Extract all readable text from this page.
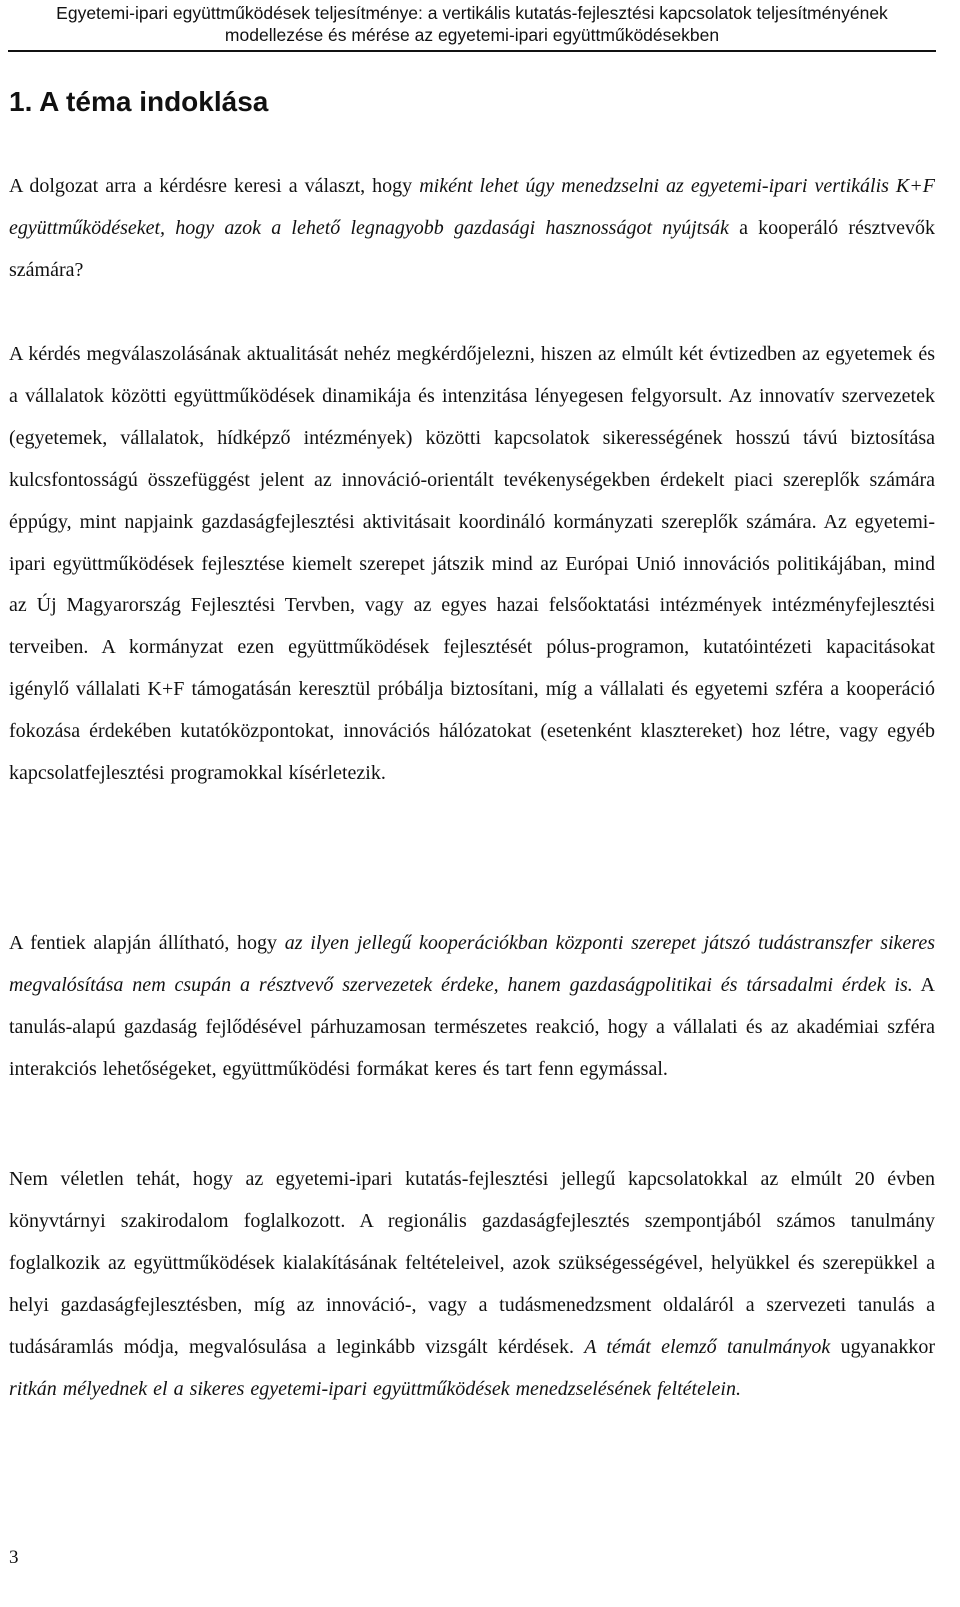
Egyetemi-ipari együttműködések teljesítménye: a vertikális kutatás-fejlesztési kapcsolatok teljesítményének modellezése és mérése az egyetemi-ipari együttműködésekben
1. A téma indoklása

A dolgozat arra a kérdésre keresi a választ, hogy miként lehet úgy menedzselni az egyetemi-ipari vertikális K+F együttműködéseket, hogy azok a lehető legnagyobb gazdasági hasznosságot nyújtsák a kooperáló résztvevők számára?

A kérdés megválaszolásának aktualitását nehéz megkérdőjelezni, hiszen az elmúlt két évtizedben az egyetemek és a vállalatok közötti együttműködések dinamikája és intenzitása lényegesen felgyorsult. Az innovatív szervezetek (egyetemek, vállalatok, hídképző intézmények) közötti kapcsolatok sikerességének hosszú távú biztosítása kulcsfontosságú összefüggést jelent az innováció-orientált tevékenységekben érdekelt piaci szereplők számára éppúgy, mint napjaink gazdaságfejlesztési aktivitásait koordináló kormányzati szereplők számára. Az egyetemi-ipari együttműködések fejlesztése kiemelt szerepet játszik mind az Európai Unió innovációs politikájában, mind az Új Magyarország Fejlesztési Tervben, vagy az egyes hazai felsőoktatási intézmények intézményfejlesztési terveiben. A kormányzat ezen együttműködések fejlesztését pólus-programon, kutatóintézeti kapacitásokat igénylő vállalati K+F támogatásán keresztül próbálja biztosítani, míg a vállalati és egyetemi szféra a kooperáció fokozása érdekében kutatóközpontokat, innovációs hálózatokat (esetenként klasztereket) hoz létre, vagy egyéb kapcsolatfejlesztési programokkal kísérletezik.

A fentiek alapján állítható, hogy az ilyen jellegű kooperációkban központi szerepet játszó tudástranszfer sikeres megvalósítása nem csupán a résztvevő szervezetek érdeke, hanem gazdaságpolitikai és társadalmi érdek is. A tanulás-alapú gazdaság fejlődésével párhuzamosan természetes reakció, hogy a vállalati és az akadémiai szféra interakciós lehetőségeket, együttműködési formákat keres és tart fenn egymással.

Nem véletlen tehát, hogy az egyetemi-ipari kutatás-fejlesztési jellegű kapcsolatokkal az elmúlt 20 évben könyvtárnyi szakirodalom foglalkozott. A regionális gazdaságfejlesztés szempontjából számos tanulmány foglalkozik az együttműködések kialakításának feltételeivel, azok szükségességével, helyükkel és szerepükkel a helyi gazdaságfejlesztésben, míg az innováció-, vagy a tudásmenedzsment oldaláról a szervezeti tanulás a tudásáramlás módja, megvalósulása a leginkább vizsgált kérdések. A témát elemző tanulmányok ugyanakkor ritkán mélyednek el a sikeres egyetemi-ipari együttműködések menedzselésének feltételein.

3
